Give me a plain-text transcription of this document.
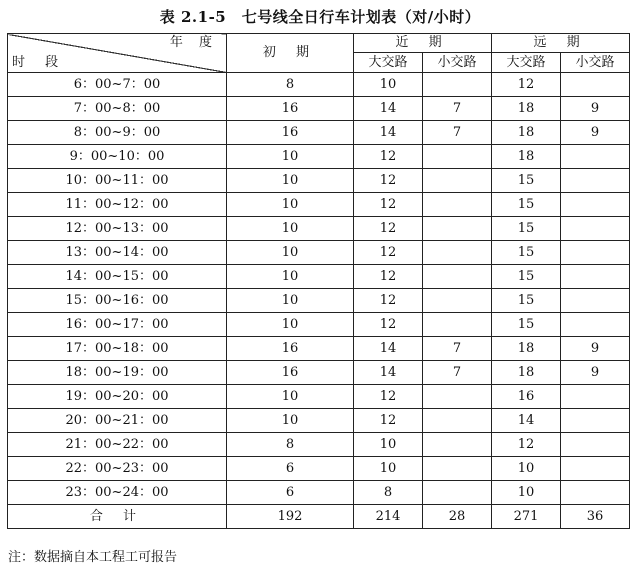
表 2.1-5　七号线全日行车计划表（对/小时）
年 度
时 段	初 期	近 期		远 期	
		大交路	小交路	大交路	小交路
6：00~7：00	8	10		12	
7：00~8：00	16	14	7	18	9
8：00~9：00	16	14	7	18	9
9：00~10：00	10	12		18	
10：00~11：00	10	12		15	
11：00~12：00	10	12		15	
12：00~13：00	10	12		15	
13：00~14：00	10	12		15	
14：00~15：00	10	12		15	
15：00~16：00	10	12		15	
16：00~17：00	10	12		15	
17：00~18：00	16	14	7	18	9
18：00~19：00	16	14	7	18	9
19：00~20：00	10	12		16	
20：00~21：00	10	12		14	
21：00~22：00	8	10		12	
22：00~23：00	6	10		10	
23：00~24：00	6	8		10	
合 计	192	214	28	271	36
注：数据摘自本工程工可报告
